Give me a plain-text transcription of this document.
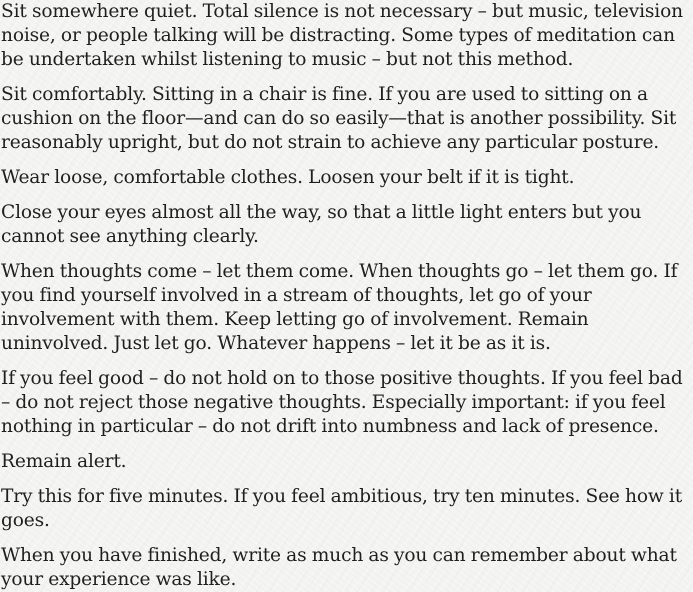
Sit somewhere quiet. Total silence is not necessary – but music, television noise, or people talking will be distracting. Some types of meditation can be undertaken whilst listening to music – but not this method.

Sit comfortably. Sitting in a chair is fine. If you are used to sitting on a cushion on the floor—and can do so easily—that is another possibility. Sit reasonably upright, but do not strain to achieve any particular posture.

Wear loose, comfortable clothes. Loosen your belt if it is tight.

Close your eyes almost all the way, so that a little light enters but you cannot see anything clearly.

When thoughts come – let them come. When thoughts go – let them go. If you find yourself involved in a stream of thoughts, let go of your involvement with them. Keep letting go of involvement. Remain uninvolved. Just let go. Whatever happens – let it be as it is.

If you feel good – do not hold on to those positive thoughts. If you feel bad – do not reject those negative thoughts. Especially important: if you feel nothing in particular – do not drift into numbness and lack of presence.

Remain alert.

Try this for five minutes. If you feel ambitious, try ten minutes. See how it goes.

When you have finished, write as much as you can remember about what your experience was like.
